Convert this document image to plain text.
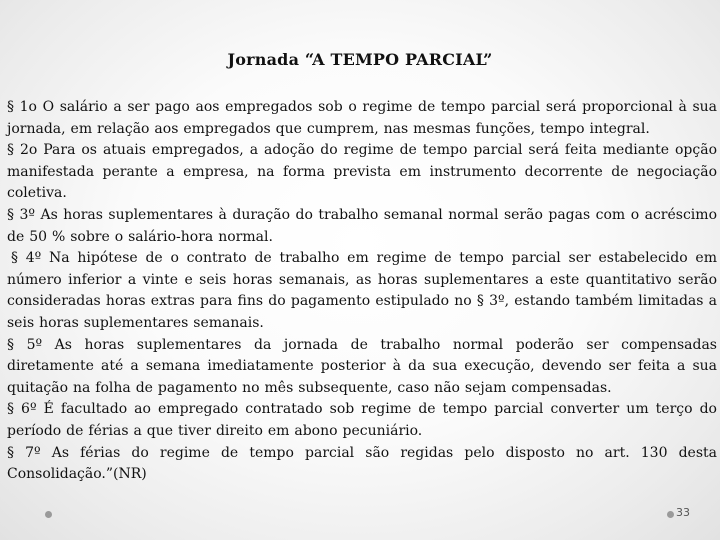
Jornada “A TEMPO PARCIAL”

§ 1o O salário a ser pago aos empregados sob o regime de tempo parcial será proporcional à sua jornada, em relação aos empregados que cumprem, nas mesmas funções, tempo integral.

§ 2o Para os atuais empregados, a adoção do regime de tempo parcial será feita mediante opção manifestada perante a empresa, na forma prevista em instrumento decorrente de negociação coletiva.

§ 3º As horas suplementares à duração do trabalho semanal normal serão pagas com o acréscimo de 50 % sobre o salário-hora normal.

§ 4º Na hipótese de o contrato de trabalho em regime de tempo parcial ser estabelecido em número inferior a vinte e seis horas semanais, as horas suplementares a este quantitativo serão consideradas horas extras para fins do pagamento estipulado no § 3º, estando também limitadas a seis horas suplementares semanais.

§ 5º As horas suplementares da jornada de trabalho normal poderão ser compensadas diretamente até a semana imediatamente posterior à da sua execução, devendo ser feita a sua quitação na folha de pagamento no mês subsequente, caso não sejam compensadas.

§ 6º É facultado ao empregado contratado sob regime de tempo parcial converter um terço do período de férias a que tiver direito em abono pecuniário.

§ 7º As férias do regime de tempo parcial são regidas pelo disposto no art. 130 desta Consolidação.”(NR)

33
